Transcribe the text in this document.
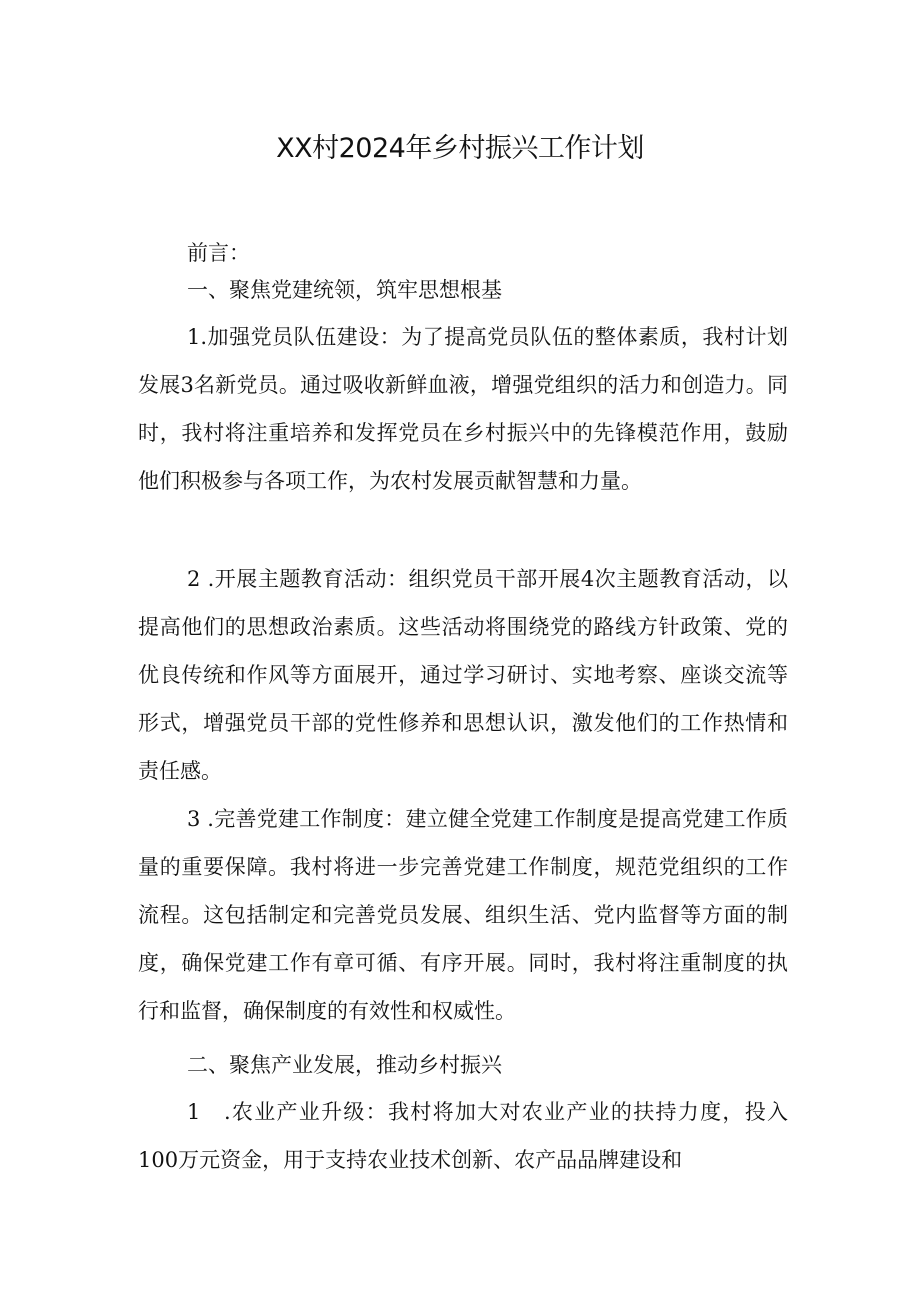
XX村2024年乡村振兴工作计划
前言：
一、聚焦党建统领，筑牢思想根基
1.加强党员队伍建设：为了提高党员队伍的整体素质，我村计划发展3名新党员。通过吸收新鲜血液，增强党组织的活力和创造力。同时，我村将注重培养和发挥党员在乡村振兴中的先锋模范作用，鼓励他们积极参与各项工作，为农村发展贡献智慧和力量。
2 .开展主题教育活动：组织党员干部开展4次主题教育活动，以提高他们的思想政治素质。这些活动将围绕党的路线方针政策、党的优良传统和作风等方面展开，通过学习研讨、实地考察、座谈交流等形式，增强党员干部的党性修养和思想认识，激发他们的工作热情和责任感。
3 .完善党建工作制度：建立健全党建工作制度是提高党建工作质量的重要保障。我村将进一步完善党建工作制度，规范党组织的工作流程。这包括制定和完善党员发展、组织生活、党内监督等方面的制度，确保党建工作有章可循、有序开展。同时，我村将注重制度的执行和监督，确保制度的有效性和权威性。
二、聚焦产业发展，推动乡村振兴
1　.农业产业升级：我村将加大对农业产业的扶持力度，投入100万元资金，用于支持农业技术创新、农产品品牌建设和
